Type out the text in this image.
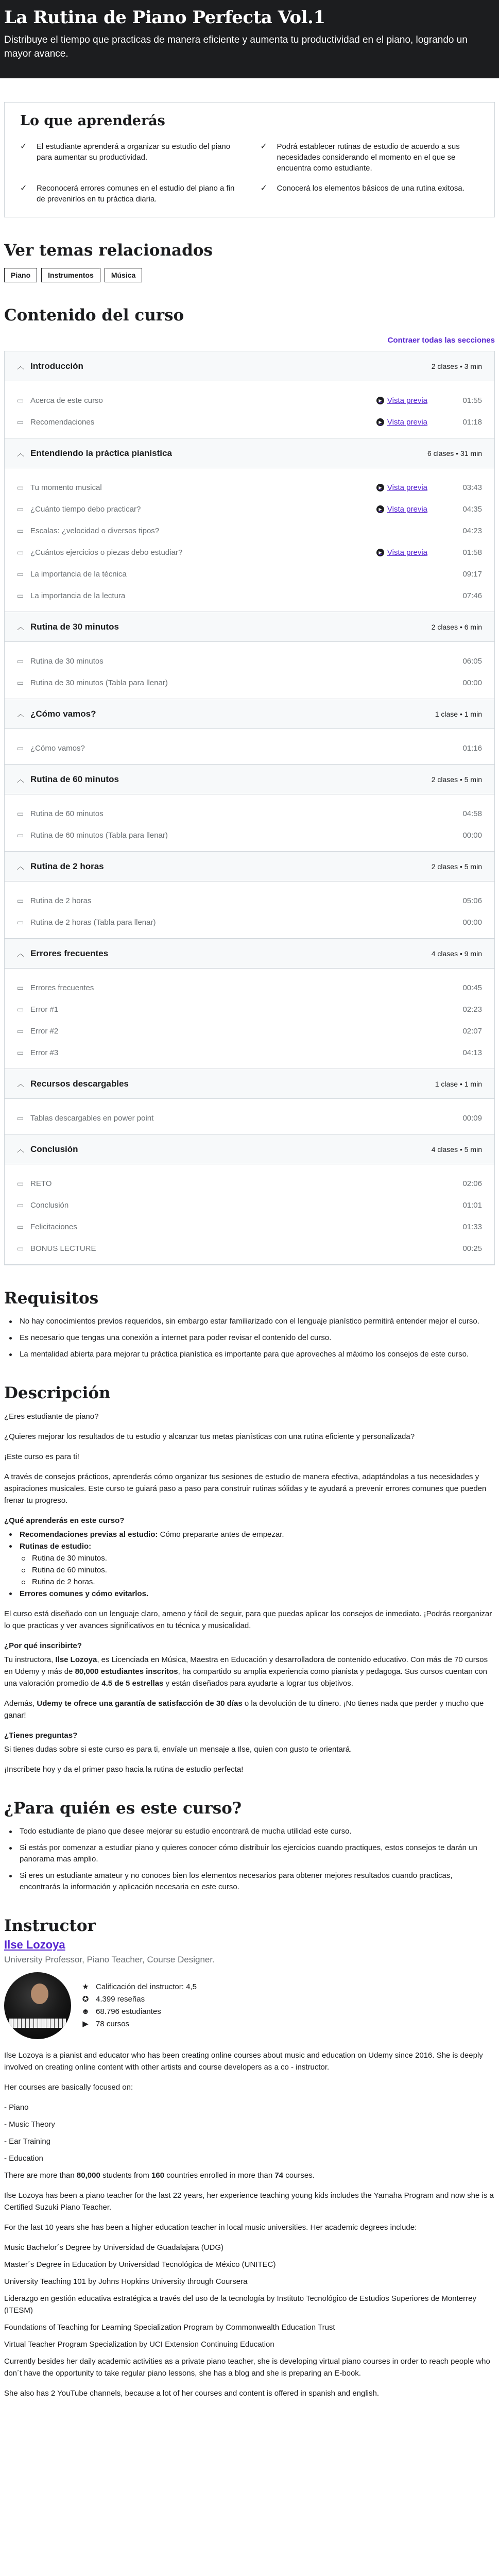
La Rutina de Piano Perfecta Vol.1

Distribuye el tiempo que practicas de manera eficiente y aumenta tu productividad en el piano, logrando un mayor avance.

Lo que aprenderás
✓	El estudiante aprenderá a organizar su estudio del piano para aumentar su productividad.
✓	Podrá establecer rutinas de estudio de acuerdo a sus necesidades considerando el momento en el que se encuentra como estudiante.
✓	Reconocerá errores comunes en el estudio del piano a fin de prevenirlos en tu práctica diaria.
✓	Conocerá los elementos básicos de una rutina exitosa.
Ver temas relacionados
Piano	Instrumentos	Música
Contenido del curso
Contraer todas las secciones
︿ Introducción	2 clases • 3 min
▭ Acerca de este curso	▶ Vista previa	01:55
▭ Recomendaciones	▶ Vista previa	01:18
︿ Entendiendo la práctica pianística	6 clases • 31 min
▭ Tu momento musical	▶ Vista previa	03:43
▭ ¿Cuánto tiempo debo practicar?	▶ Vista previa	04:35
▭ Escalas: ¿velocidad o diversos tipos?	04:23
▭ ¿Cuántos ejercicios o piezas debo estudiar?	▶ Vista previa	01:58
▭ La importancia de la técnica	09:17
▭ La importancia de la lectura	07:46
︿ Rutina de 30 minutos	2 clases • 6 min
▭ Rutina de 30 minutos	06:05
▭ Rutina de 30 minutos (Tabla para llenar)	00:00
︿ ¿Cómo vamos?	1 clase • 1 min
▭ ¿Cómo vamos?	01:16
︿ Rutina de 60 minutos	2 clases • 5 min
▭ Rutina de 60 minutos	04:58
▭ Rutina de 60 minutos (Tabla para llenar)	00:00
︿ Rutina de 2 horas	2 clases • 5 min
▭ Rutina de 2 horas	05:06
▭ Rutina de 2 horas (Tabla para llenar)	00:00
︿ Errores frecuentes	4 clases • 9 min
▭ Errores frecuentes	00:45
▭ Error #1	02:23
▭ Error #2	02:07
▭ Error #3	04:13
︿ Recursos descargables	1 clase • 1 min
▭ Tablas descargables en power point	00:09
︿ Conclusión	4 clases • 5 min
▭ RETO	02:06
▭ Conclusión	01:01
▭ Felicitaciones	01:33
▭ BONUS LECTURE	00:25
Requisitos
No hay conocimientos previos requeridos, sin embargo estar familiarizado con el lenguaje pianístico permitirá entender mejor el curso.
Es necesario que tengas una conexión a internet para poder revisar el contenido del curso.
La mentalidad abierta para mejorar tu práctica pianística es importante para que aproveches al máximo los consejos de este curso.
Descripción

¿Eres estudiante de piano?

¿Quieres mejorar los resultados de tu estudio y alcanzar tus metas pianísticas con una rutina eficiente y personalizada?

¡Este curso es para ti!

A través de consejos prácticos, aprenderás cómo organizar tus sesiones de estudio de manera efectiva, adaptándolas a tus necesidades y aspiraciones musicales. Este curso te guiará paso a paso para construir rutinas sólidas y te ayudará a prevenir errores comunes que pueden frenar tu progreso.

¿Qué aprenderás en este curso?

Recomendaciones previas al estudio: Cómo prepararte antes de empezar.
Rutinas de estudio:
Rutina de 30 minutos.
Rutina de 60 minutos.
Rutina de 2 horas.
Errores comunes y cómo evitarlos.

El curso está diseñado con un lenguaje claro, ameno y fácil de seguir, para que puedas aplicar los consejos de inmediato. ¡Podrás reorganizar lo que practicas y ver avances significativos en tu técnica y musicalidad.

¿Por qué inscribirte?

Tu instructora, Ilse Lozoya, es Licenciada en Música, Maestra en Educación y desarrolladora de contenido educativo. Con más de 70 cursos en Udemy y más de 80,000 estudiantes inscritos, ha compartido su amplia experiencia como pianista y pedagoga. Sus cursos cuentan con una valoración promedio de 4.5 de 5 estrellas y están diseñados para ayudarte a lograr tus objetivos.

Además, Udemy te ofrece una garantía de satisfacción de 30 días o la devolución de tu dinero. ¡No tienes nada que perder y mucho que ganar!

¿Tienes preguntas?

Si tienes dudas sobre si este curso es para ti, envíale un mensaje a Ilse, quien con gusto te orientará.

¡Inscríbete hoy y da el primer paso hacia la rutina de estudio perfecta!

¿Para quién es este curso?
Todo estudiante de piano que desee mejorar su estudio encontrará de mucha utilidad este curso.
Si estás por comenzar a estudiar piano y quieres conocer cómo distribuir los ejercicios cuando practiques, estos consejos te darán un panorama mas amplio.
Si eres un estudiante amateur y no conoces bien los elementos necesarios para obtener mejores resultados cuando practicas, encontrarás la información y aplicación necesaria en este curso.
Instructor
Ilse Lozoya
University Professor, Piano Teacher, Course Designer.
★ Calificación del instructor: 4,5
✪ 4.399 reseñas
☻ 68.796 estudiantes
▶ 78 cursos

Ilse Lozoya is a pianist and educator who has been creating online courses about music and education on Udemy since 2016. She is deeply involved on creating online content with other artists and course developers as a co - instructor.

Her courses are basically focused on:

- Piano

- Music Theory

- Ear Training

- Education

There are more than 80,000 students from 160 countries enrolled in more than 74 courses.

Ilse Lozoya has been a piano teacher for the last 22 years, her experience teaching young kids includes the Yamaha Program and now she is a Certified Suzuki Piano Teacher.

For the last 10 years she has been a higher education teacher in local music universities. Her academic degrees include:

Music Bachelor´s Degree by Universidad de Guadalajara (UDG)

Master´s Degree in Education by Universidad Tecnológica de México (UNITEC)

University Teaching 101 by Johns Hopkins University through Coursera

Liderazgo en gestión educativa estratégica a través del uso de la tecnología by Instituto Tecnológico de Estudios Superiores de Monterrey (ITESM)

Foundations of Teaching for Learning Specialization Program by Commonwealth Education Trust

Virtual Teacher Program Specialization by UCI Extension Continuing Education

Currently besides her daily academic activities as a private piano teacher, she is developing virtual piano courses in order to reach people who don´t have the opportunity to take regular piano lessons, she has a blog and she is preparing an E-book.

She also has 2 YouTube channels, because a lot of her courses and content is offered in spanish and english.
